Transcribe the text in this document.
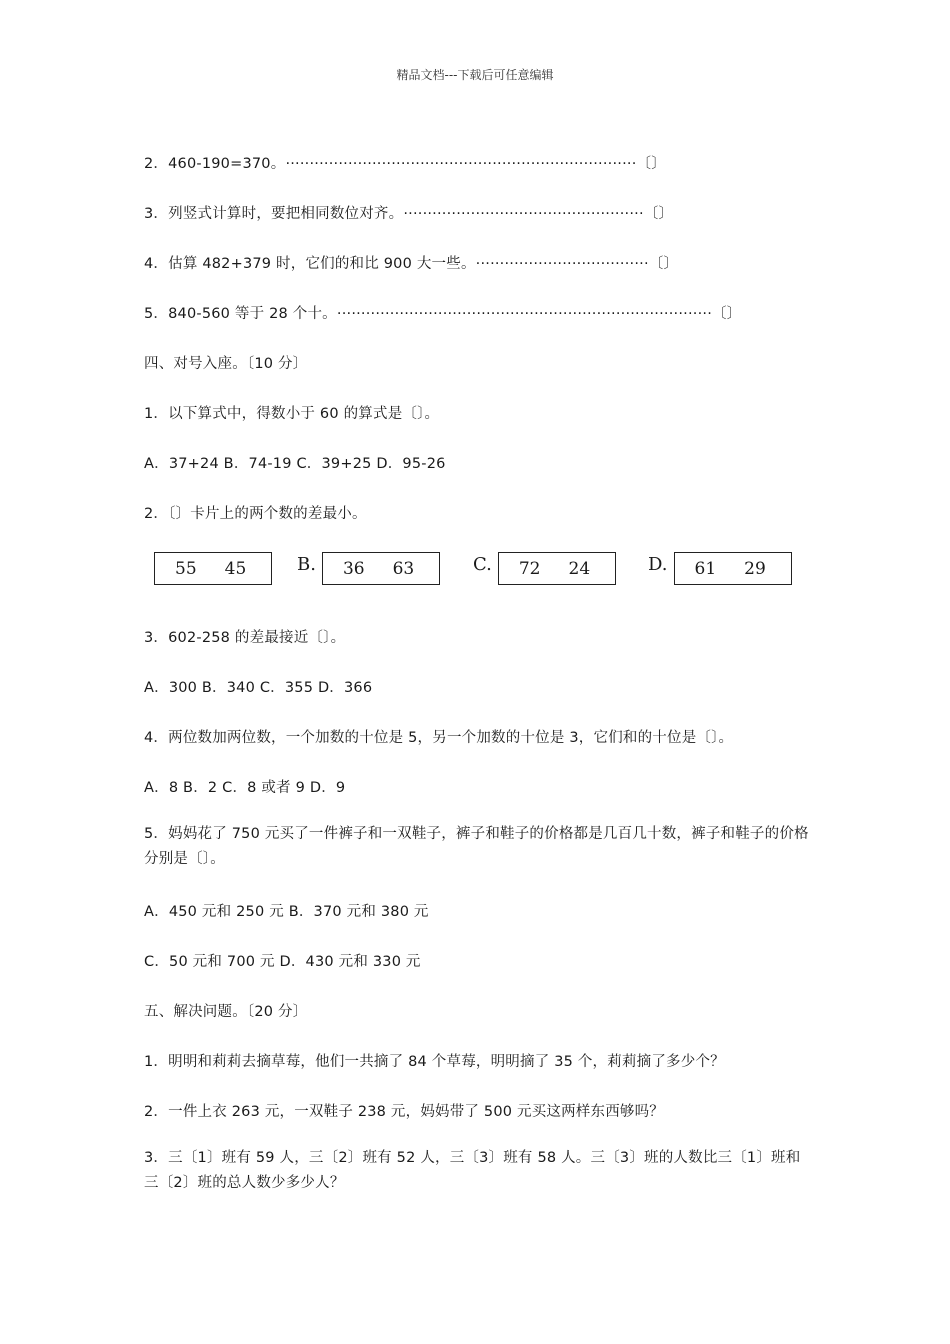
精品文档---下载后可任意编辑
2．460-190=370。 ········································································· 〔〕
3．列竖式计算时，要把相同数位对齐。 ·················································· 〔〕
4．估算 482+379 时，它们的和比 900 大一些。 ···································· 〔〕
5．840-560 等于 28 个十。 ·············································································· 〔〕
四、对号入座。〔10 分〕
1．以下算式中，得数小于 60 的算式是〔〕。
A．37+24 B．74-19 C．39+25 D．95-26
2．〔〕卡片上的两个数的差最小。
55 45	B. 36 63	C. 72 24	D. 61 29
3．602-258 的差最接近〔〕。
A．300 B．340 C．355 D．366
4．两位数加两位数，一个加数的十位是 5，另一个加数的十位是 3，它们和的十位是〔〕。
A．8 B．2 C．8 或者 9 D．9
5．妈妈花了 750 元买了一件裤子和一双鞋子，裤子和鞋子的价格都是几百几十数，裤子和鞋子的价格分别是〔〕。
A．450 元和 250 元 B．370 元和 380 元
C．50 元和 700 元 D．430 元和 330 元
五、解决问题。〔20 分〕
1．明明和莉莉去摘草莓，他们一共摘了 84 个草莓，明明摘了 35 个，莉莉摘了多少个？
2．一件上衣 263 元，一双鞋子 238 元，妈妈带了 500 元买这两样东西够吗？
3．三〔1〕班有 59 人，三〔2〕班有 52 人，三〔3〕班有 58 人。三〔3〕班的人数比三〔1〕班和三〔2〕班的总人数少多少人？
